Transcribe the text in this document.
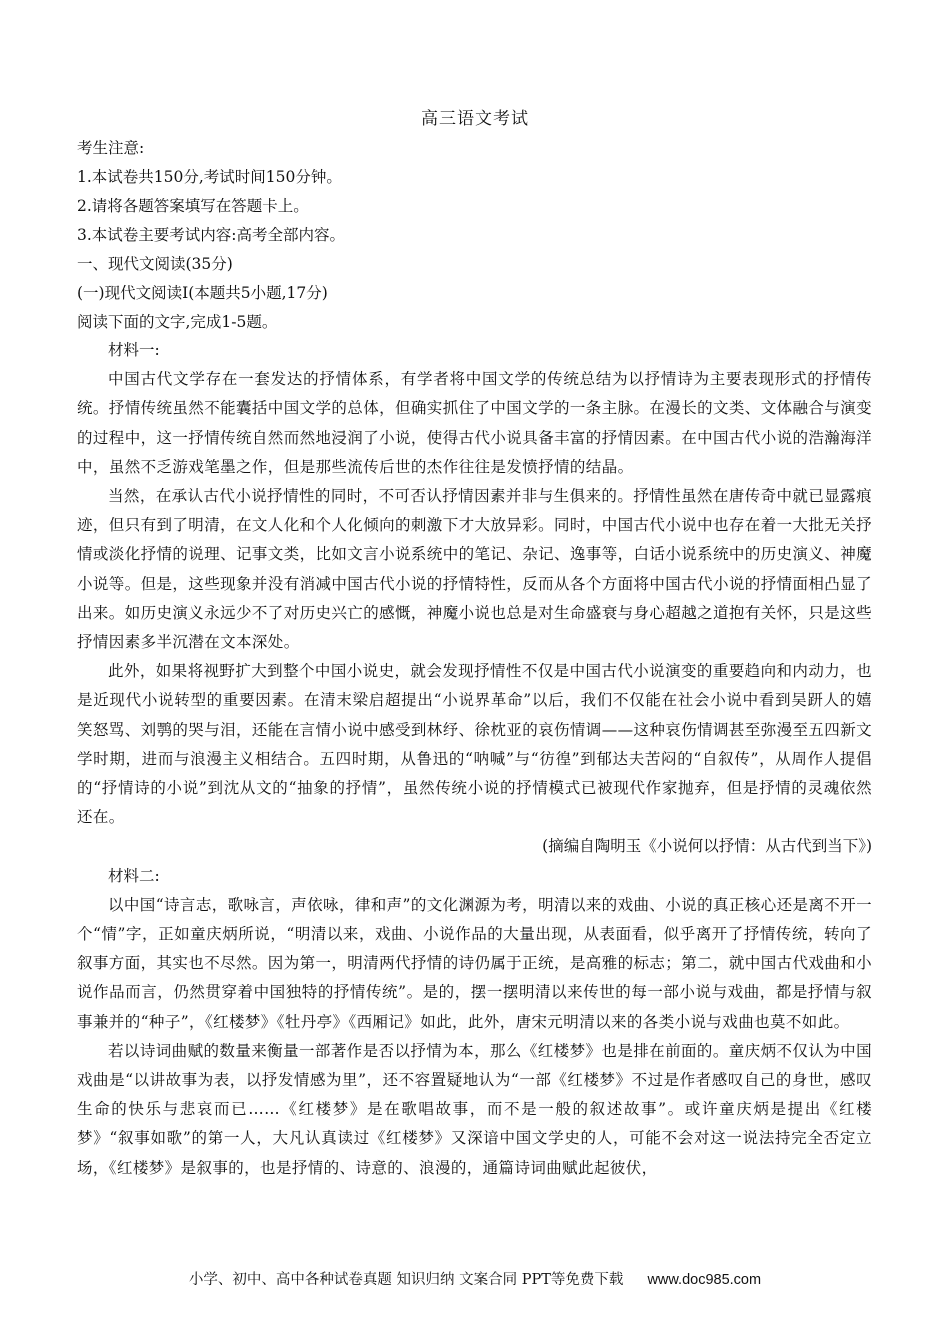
高三语文考试
考生注意:
1.本试卷共150分,考试时间150分钟。
2.请将各题答案填写在答题卡上。
3.本试卷主要考试内容:高考全部内容。
一、现代文阅读(35分)
(一)现代文阅读Ⅰ(本题共5小题,17分)
阅读下面的文字,完成1-5题。

材料一:

中国古代文学存在一套发达的抒情体系，有学者将中国文学的传统总结为以抒情诗为主要表现形式的抒情传统。抒情传统虽然不能囊括中国文学的总体，但确实抓住了中国文学的一条主脉。在漫长的文类、文体融合与演变的过程中，这一抒情传统自然而然地浸润了小说，使得古代小说具备丰富的抒情因素。在中国古代小说的浩瀚海洋中，虽然不乏游戏笔墨之作，但是那些流传后世的杰作往往是发愤抒情的结晶。

当然，在承认古代小说抒情性的同时，不可否认抒情因素并非与生俱来的。抒情性虽然在唐传奇中就已显露痕迹，但只有到了明清，在文人化和个人化倾向的刺激下才大放异彩。同时，中国古代小说中也存在着一大批无关抒情或淡化抒情的说理、记事文类，比如文言小说系统中的笔记、杂记、逸事等，白话小说系统中的历史演义、神魔小说等。但是，这些现象并没有消减中国古代小说的抒情特性，反而从各个方面将中国古代小说的抒情面相凸显了出来。如历史演义永远少不了对历史兴亡的感慨，神魔小说也总是对生命盛衰与身心超越之道抱有关怀，只是这些抒情因素多半沉潜在文本深处。

此外，如果将视野扩大到整个中国小说史，就会发现抒情性不仅是中国古代小说演变的重要趋向和内动力，也是近现代小说转型的重要因素。在清末梁启超提出“小说界革命”以后，我们不仅能在社会小说中看到吴趼人的嬉笑怒骂、刘鹗的哭与泪，还能在言情小说中感受到林纾、徐枕亚的哀伤情调——这种哀伤情调甚至弥漫至五四新文学时期，进而与浪漫主义相结合。五四时期，从鲁迅的“呐喊”与“彷徨”到郁达夫苦闷的“自叙传”，从周作人提倡的“抒情诗的小说”到沈从文的“抽象的抒情”，虽然传统小说的抒情模式已被现代作家抛弃，但是抒情的灵魂依然还在。

(摘编自陶明玉《小说何以抒情：从古代到当下》)

材料二:

以中国“诗言志，歌咏言，声依咏，律和声”的文化渊源为考，明清以来的戏曲、小说的真正核心还是离不开一个“情”字，正如童庆炳所说，“明清以来，戏曲、小说作品的大量出现，从表面看，似乎离开了抒情传统，转向了叙事方面，其实也不尽然。因为第一，明清两代抒情的诗仍属于正统，是高雅的标志；第二，就中国古代戏曲和小说作品而言，仍然贯穿着中国独特的抒情传统”。是的，摆一摆明清以来传世的每一部小说与戏曲，都是抒情与叙事兼并的“种子”，《红楼梦》《牡丹亭》《西厢记》如此，此外，唐宋元明清以来的各类小说与戏曲也莫不如此。

若以诗词曲赋的数量来衡量一部著作是否以抒情为本，那么《红楼梦》也是排在前面的。童庆炳不仅认为中国戏曲是“以讲故事为表，以抒发情感为里”，还不容置疑地认为“一部《红楼梦》不过是作者感叹自己的身世，感叹生命的快乐与悲哀而已……《红楼梦》是在歌唱故事，而不是一般的叙述故事”。或许童庆炳是提出《红楼梦》“叙事如歌”的第一人，大凡认真读过《红楼梦》又深谙中国文学史的人，可能不会对这一说法持完全否定立场，《红楼梦》是叙事的，也是抒情的、诗意的、浪漫的，通篇诗词曲赋此起彼伏，

小学、初中、高中各种试卷真题 知识归纳 文案合同 PPT等免费下载 www.doc985.com
